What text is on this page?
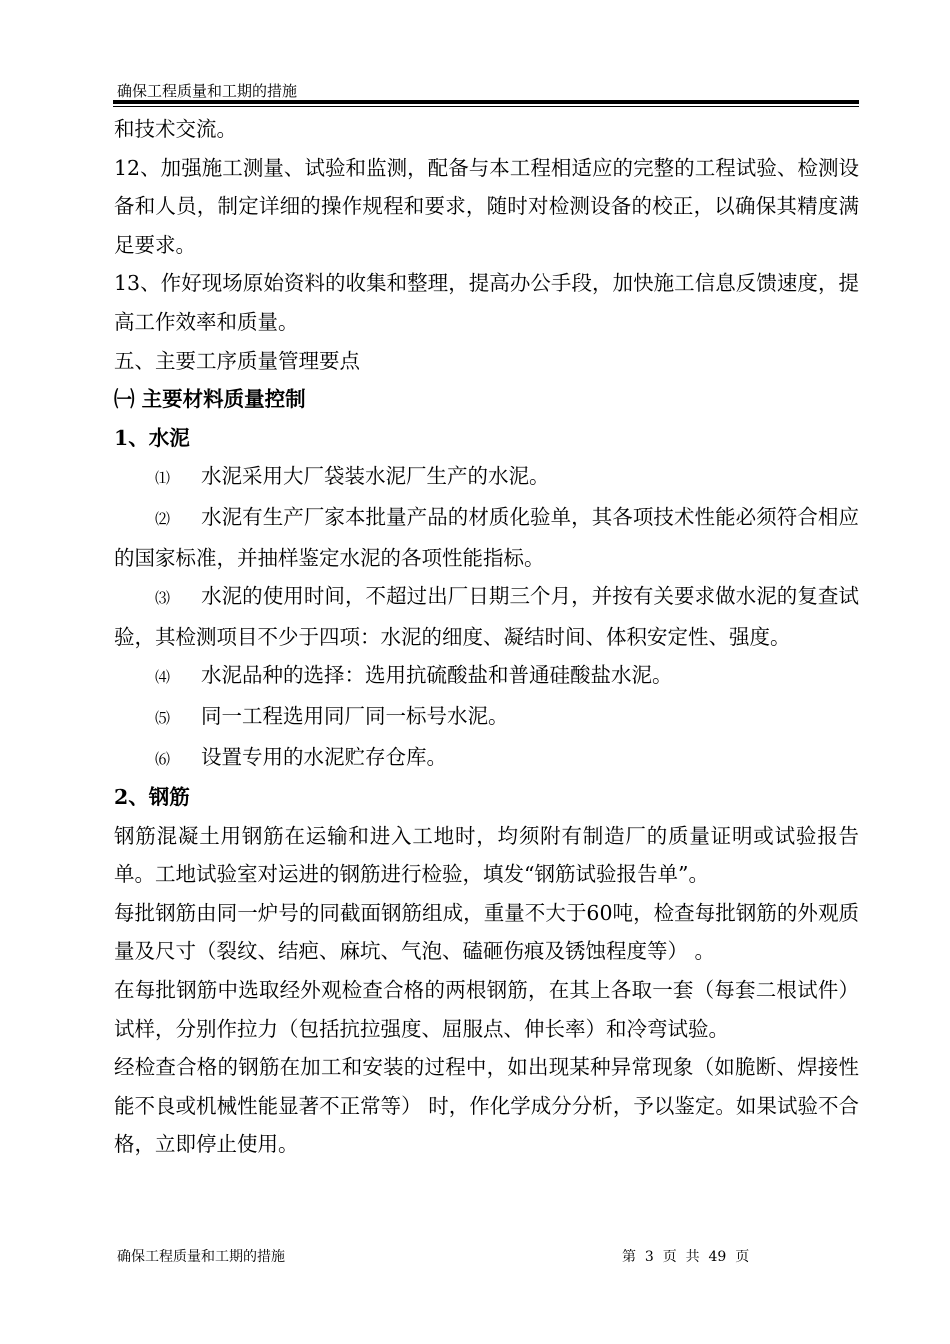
确保工程质量和工期的措施

和技术交流。

12、加强施工测量、试验和监测，配备与本工程相适应的完整的工程试验、检测设备和人员，制定详细的操作规程和要求，随时对检测设备的校正，以确保其精度满足要求。

13、作好现场原始资料的收集和整理，提高办公手段，加快施工信息反馈速度，提高工作效率和质量。

五、主要工序质量管理要点

㈠ 主要材料质量控制

1、水泥

⑴ 水泥采用大厂袋装水泥厂生产的水泥。

⑵ 水泥有生产厂家本批量产品的材质化验单，其各项技术性能必须符合相应的国家标准，并抽样鉴定水泥的各项性能指标。

⑶ 水泥的使用时间，不超过出厂日期三个月，并按有关要求做水泥的复查试验，其检测项目不少于四项：水泥的细度、凝结时间、体积安定性、强度。

⑷ 水泥品种的选择：选用抗硫酸盐和普通硅酸盐水泥。

⑸ 同一工程选用同厂同一标号水泥。

⑹ 设置专用的水泥贮存仓库。

2、钢筋

钢筋混凝土用钢筋在运输和进入工地时，均须附有制造厂的质量证明或试验报告单。工地试验室对运进的钢筋进行检验，填发“钢筋试验报告单”。

每批钢筋由同一炉号的同截面钢筋组成，重量不大于60吨，检查每批钢筋的外观质量及尺寸（裂纹、结疤、麻坑、气泡、磕砸伤痕及锈蚀程度等） 。

在每批钢筋中选取经外观检查合格的两根钢筋，在其上各取一套（每套二根试件） 试样，分别作拉力（包括抗拉强度、屈服点、伸长率）和冷弯试验。

经检查合格的钢筋在加工和安装的过程中，如出现某种异常现象（如脆断、焊接性能不良或机械性能显著不正常等） 时，作化学成分分析，予以鉴定。如果试验不合格，立即停止使用。

确保工程质量和工期的措施	第  3  页  共  49  页
